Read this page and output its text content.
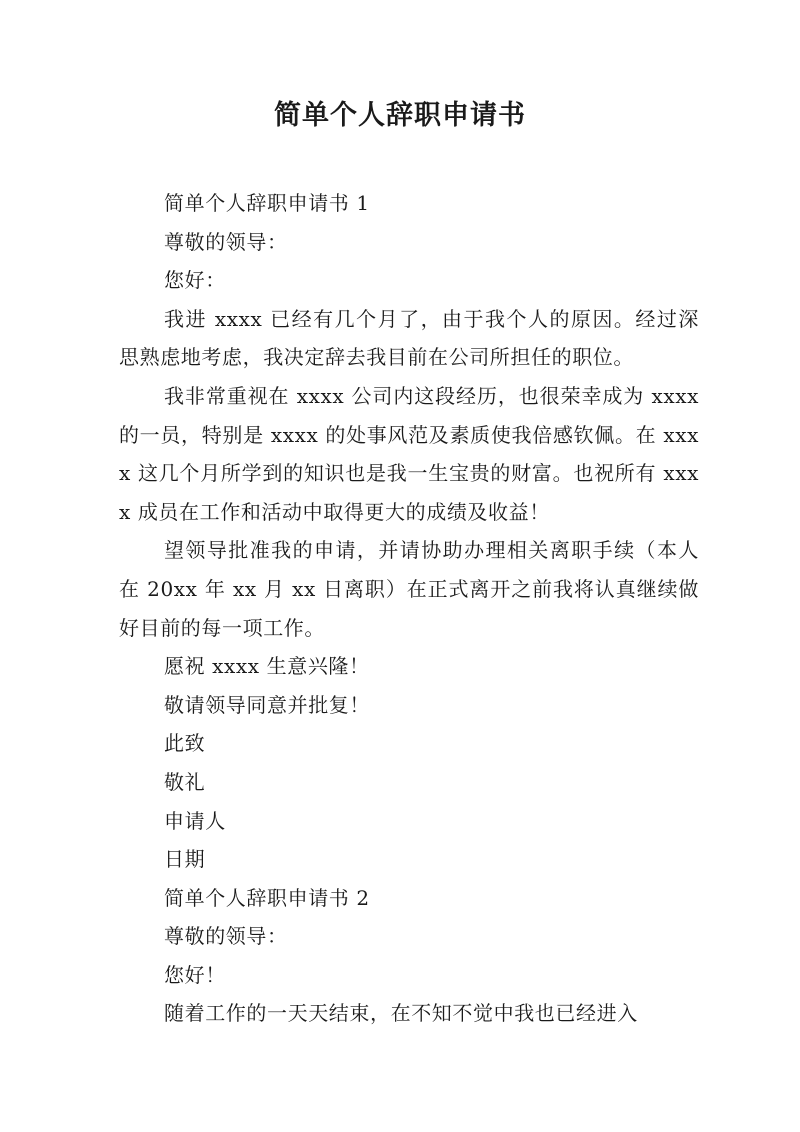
简单个人辞职申请书

简单个人辞职申请书 1

尊敬的领导：

您好：

我进 xxxx 已经有几个月了，由于我个人的原因。经过深思熟虑地考虑，我决定辞去我目前在公司所担任的职位。

我非常重视在 xxxx 公司内这段经历，也很荣幸成为 xxxx 的一员，特别是 xxxx 的处事风范及素质使我倍感钦佩。在 xxxx 这几个月所学到的知识也是我一生宝贵的财富。也祝所有 xxxx 成员在工作和活动中取得更大的成绩及收益！

望领导批准我的申请，并请协助办理相关离职手续（本人在 20xx 年 xx 月 xx 日离职）在正式离开之前我将认真继续做好目前的每一项工作。

愿祝 xxxx 生意兴隆！

敬请领导同意并批复！

此致

敬礼

申请人

日期

简单个人辞职申请书 2

尊敬的领导：

您好！

随着工作的一天天结束，在不知不觉中我也已经进入
